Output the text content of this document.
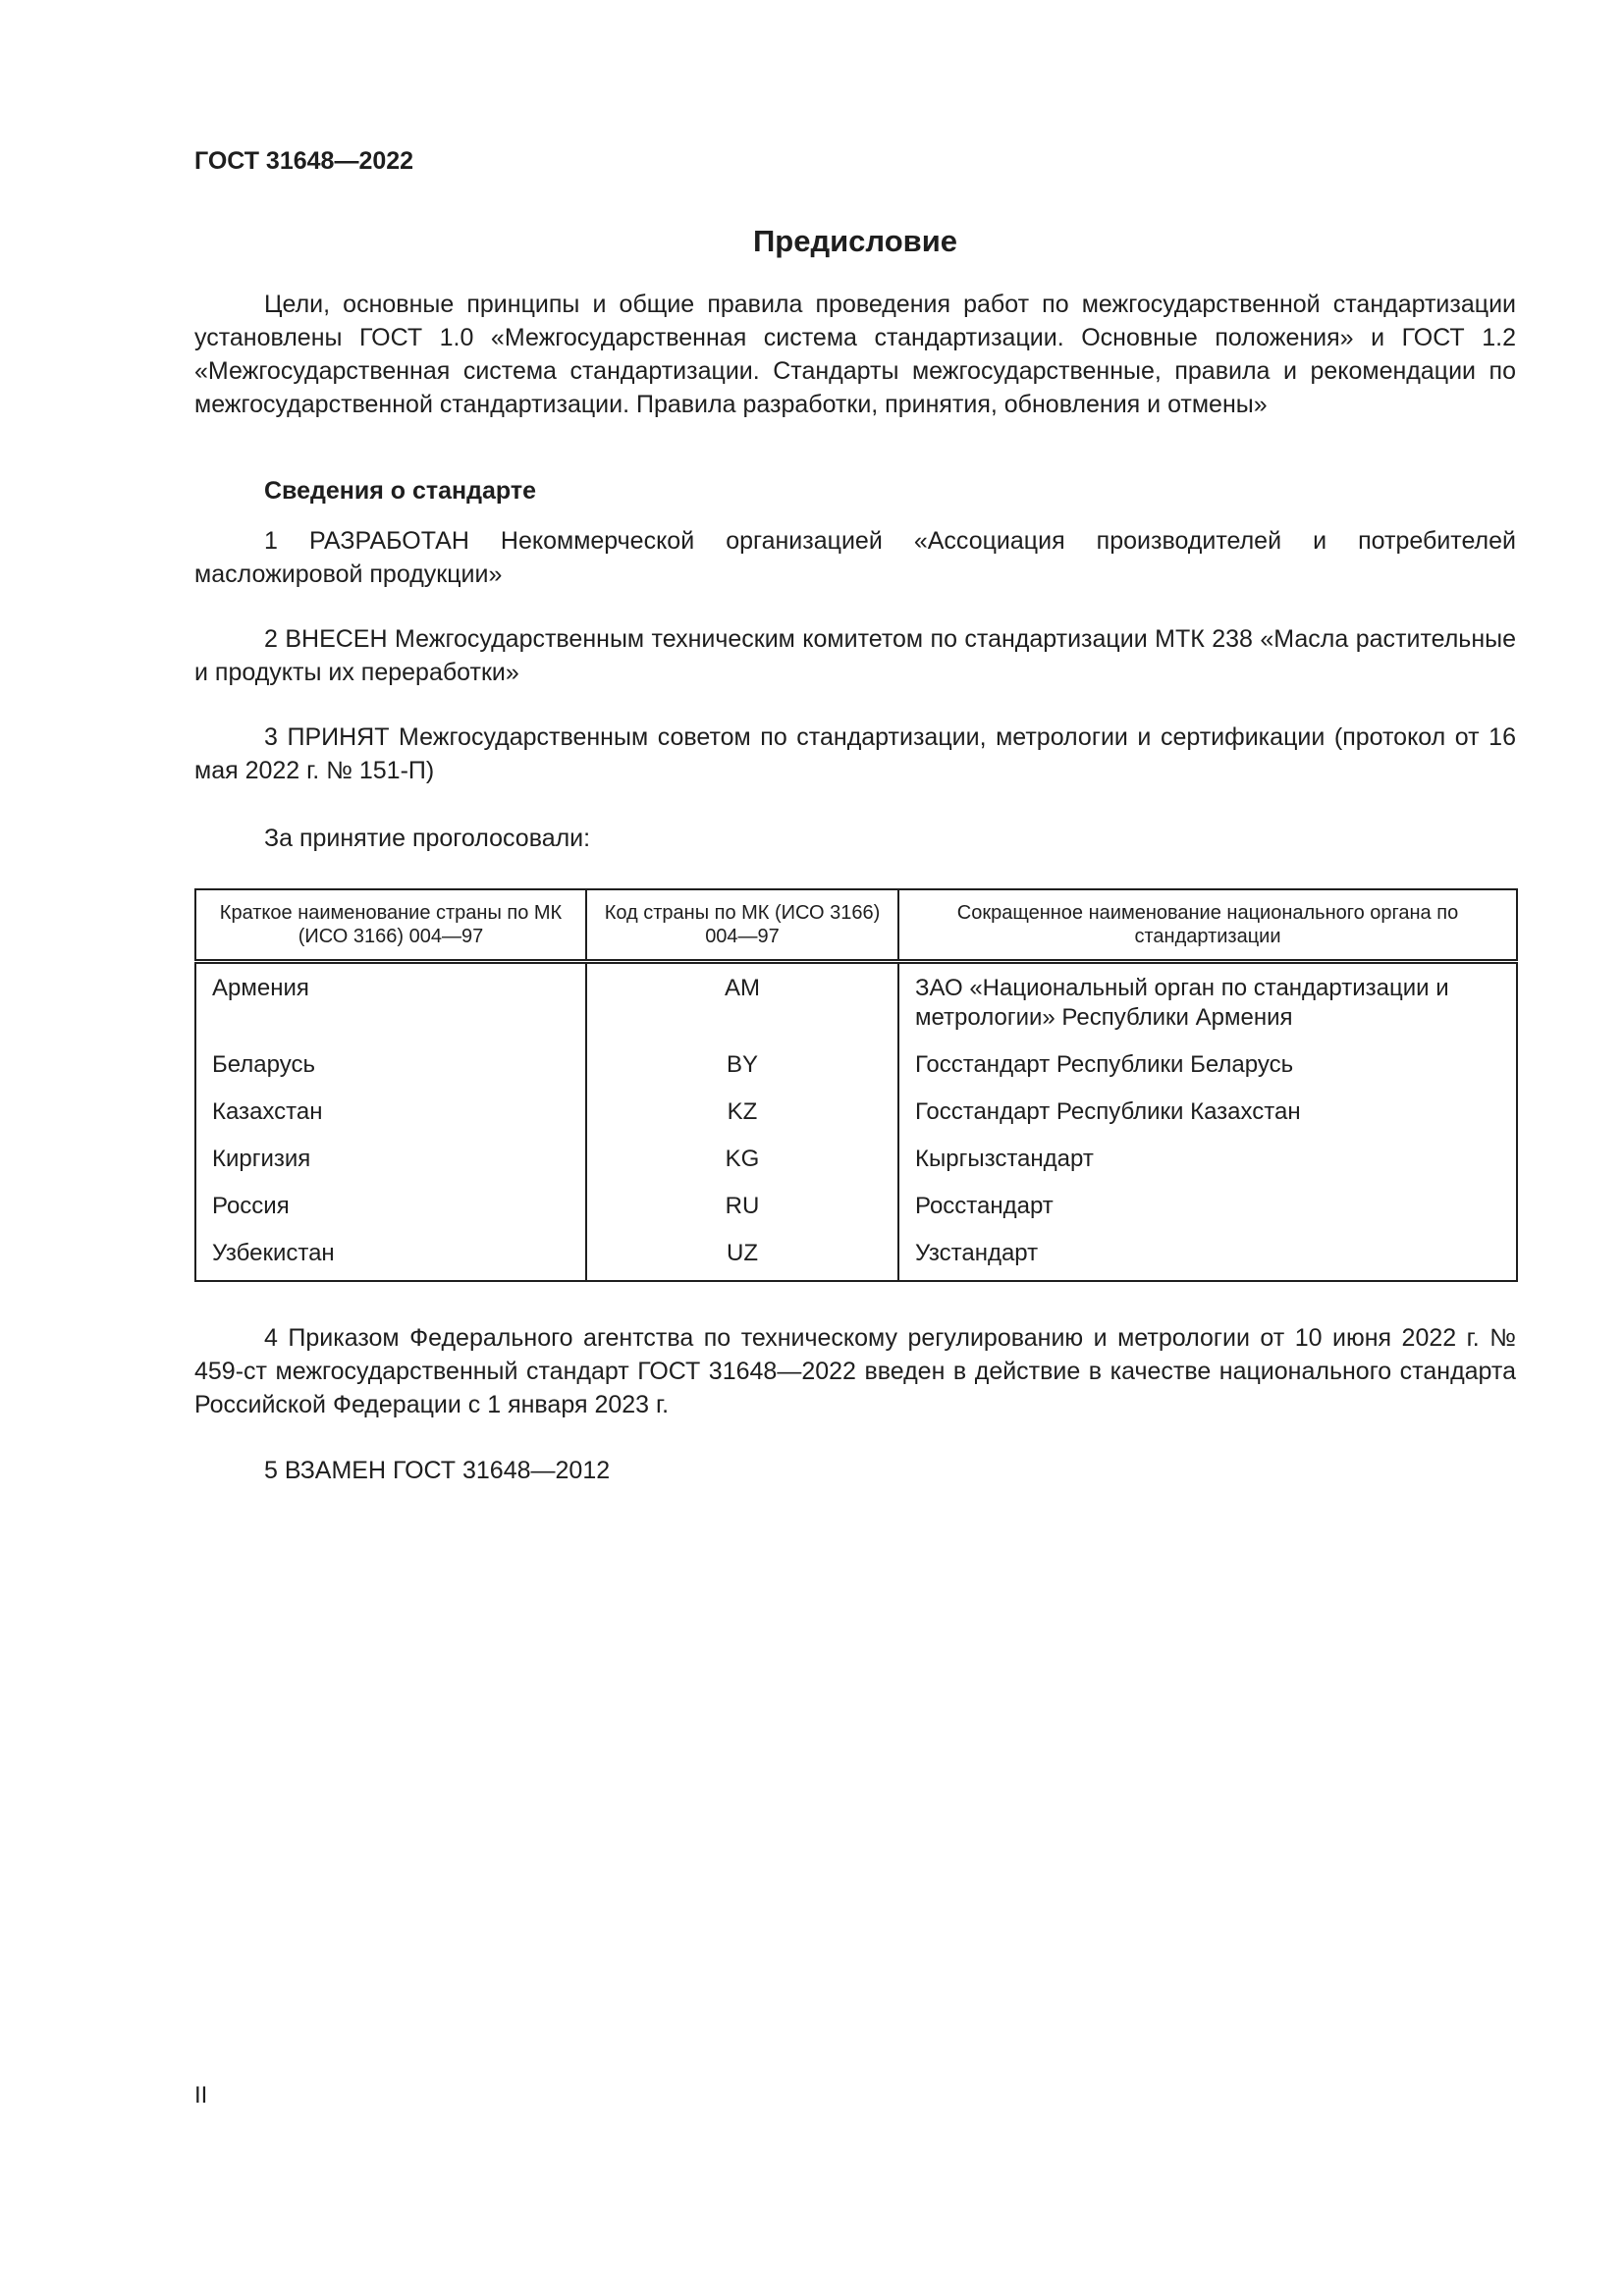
ГОСТ 31648—2022
Предисловие
Цели, основные принципы и общие правила проведения работ по межгосударственной стандартизации установлены ГОСТ 1.0 «Межгосударственная система стандартизации. Основные положения» и ГОСТ 1.2 «Межгосударственная система стандартизации. Стандарты межгосударственные, правила и рекомендации по межгосударственной стандартизации. Правила разработки, принятия, обновления и отмены»
Сведения о стандарте
1 РАЗРАБОТАН Некоммерческой организацией «Ассоциация производителей и потребителей масложировой продукции»
2 ВНЕСЕН Межгосударственным техническим комитетом по стандартизации МТК 238 «Масла растительные и продукты их переработки»
3 ПРИНЯТ Межгосударственным советом по стандартизации, метрологии и сертификации (протокол от 16 мая 2022 г. № 151-П)
За принятие проголосовали:
Краткое наименование страны по МК (ИСО 3166) 004—97	Код страны по МК (ИСО 3166) 004—97	Сокращенное наименование национального органа по стандартизации
Армения	AM	ЗАО «Национальный орган по стандартизации и метрологии» Республики Армения
Беларусь	BY	Госстандарт Республики Беларусь
Казахстан	KZ	Госстандарт Республики Казахстан
Киргизия	KG	Кыргызстандарт
Россия	RU	Росстандарт
Узбекистан	UZ	Узстандарт
4 Приказом Федерального агентства по техническому регулированию и метрологии от 10 июня 2022 г. № 459-ст межгосударственный стандарт ГОСТ 31648—2022 введен в действие в качестве национального стандарта Российской Федерации с 1 января 2023 г.
5 ВЗАМЕН ГОСТ 31648—2012
II
